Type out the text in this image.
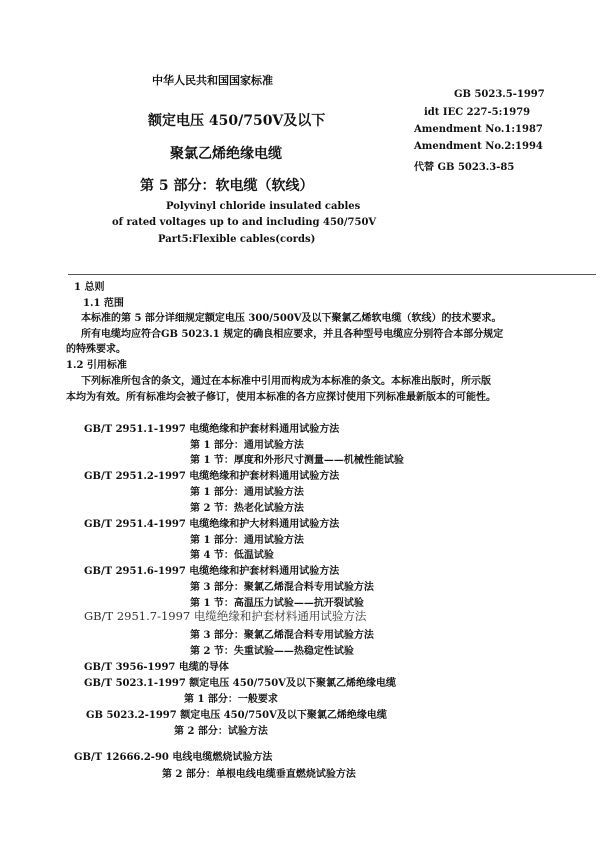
中华人民共和国国家标准
额定电压 450/750V及以下
聚氯乙烯绝缘电缆
第 5 部分：软电缆（软线）
Polyvinyl chloride insulated cables
of rated voltages up to and including 450/750V
Part5:Flexible cables(cords)
GB 5023.5-1997
idt IEC 227-5:1979
Amendment No.1:1987
Amendment No.2:1994
代替 GB 5023.3-85
1 总则
1.1 范围
本标准的第 5 部分详细规定额定电压 300/500V及以下聚氯乙烯软电缆（软线）的技术要求。
所有电缆均应符合GB 5023.1 规定的确良相应要求，并且各种型号电缆应分别符合本部分规定
的特殊要求。
1.2 引用标准
下列标准所包含的条文，通过在本标准中引用而构成为本标准的条文。本标准出版时，所示版
本均为有效。所有标准均会被子修订，使用本标准的各方应探讨使用下列标准最新版本的可能性。
GB/T 2951.1-1997 电缆绝缘和护套材料通用试验方法
第 1 部分：通用试验方法
第 1 节：厚度和外形尺寸测量——机械性能试验
GB/T 2951.2-1997 电缆绝缘和护套材料通用试验方法
第 1 部分：通用试验方法
第 2 节：热老化试验方法
GB/T 2951.4-1997 电缆绝缘和护大材料通用试验方法
第 1 部分：通用试验方法
第 4 节：低温试验
GB/T 2951.6-1997 电缆绝缘和护套材料通用试验方法
第 3 部分：聚氯乙烯混合料专用试验方法
第 1 节：高温压力试验——抗开裂试验
GB/T 2951.7-1997 电缆绝缘和护套材料通用试验方法
第 3 部分：聚氯乙烯混合料专用试验方法
第 2 节：失重试验——热稳定性试验
GB/T 3956-1997 电缆的导体
GB/T 5023.1-1997 额定电压 450/750V及以下聚氯乙烯绝缘电缆
第 1 部分：一般要求
GB 5023.2-1997 额定电压 450/750V及以下聚氯乙烯绝缘电缆
第 2 部分：试验方法
GB/T 12666.2-90 电线电缆燃烧试验方法
第 2 部分：单根电线电缆垂直燃烧试验方法
